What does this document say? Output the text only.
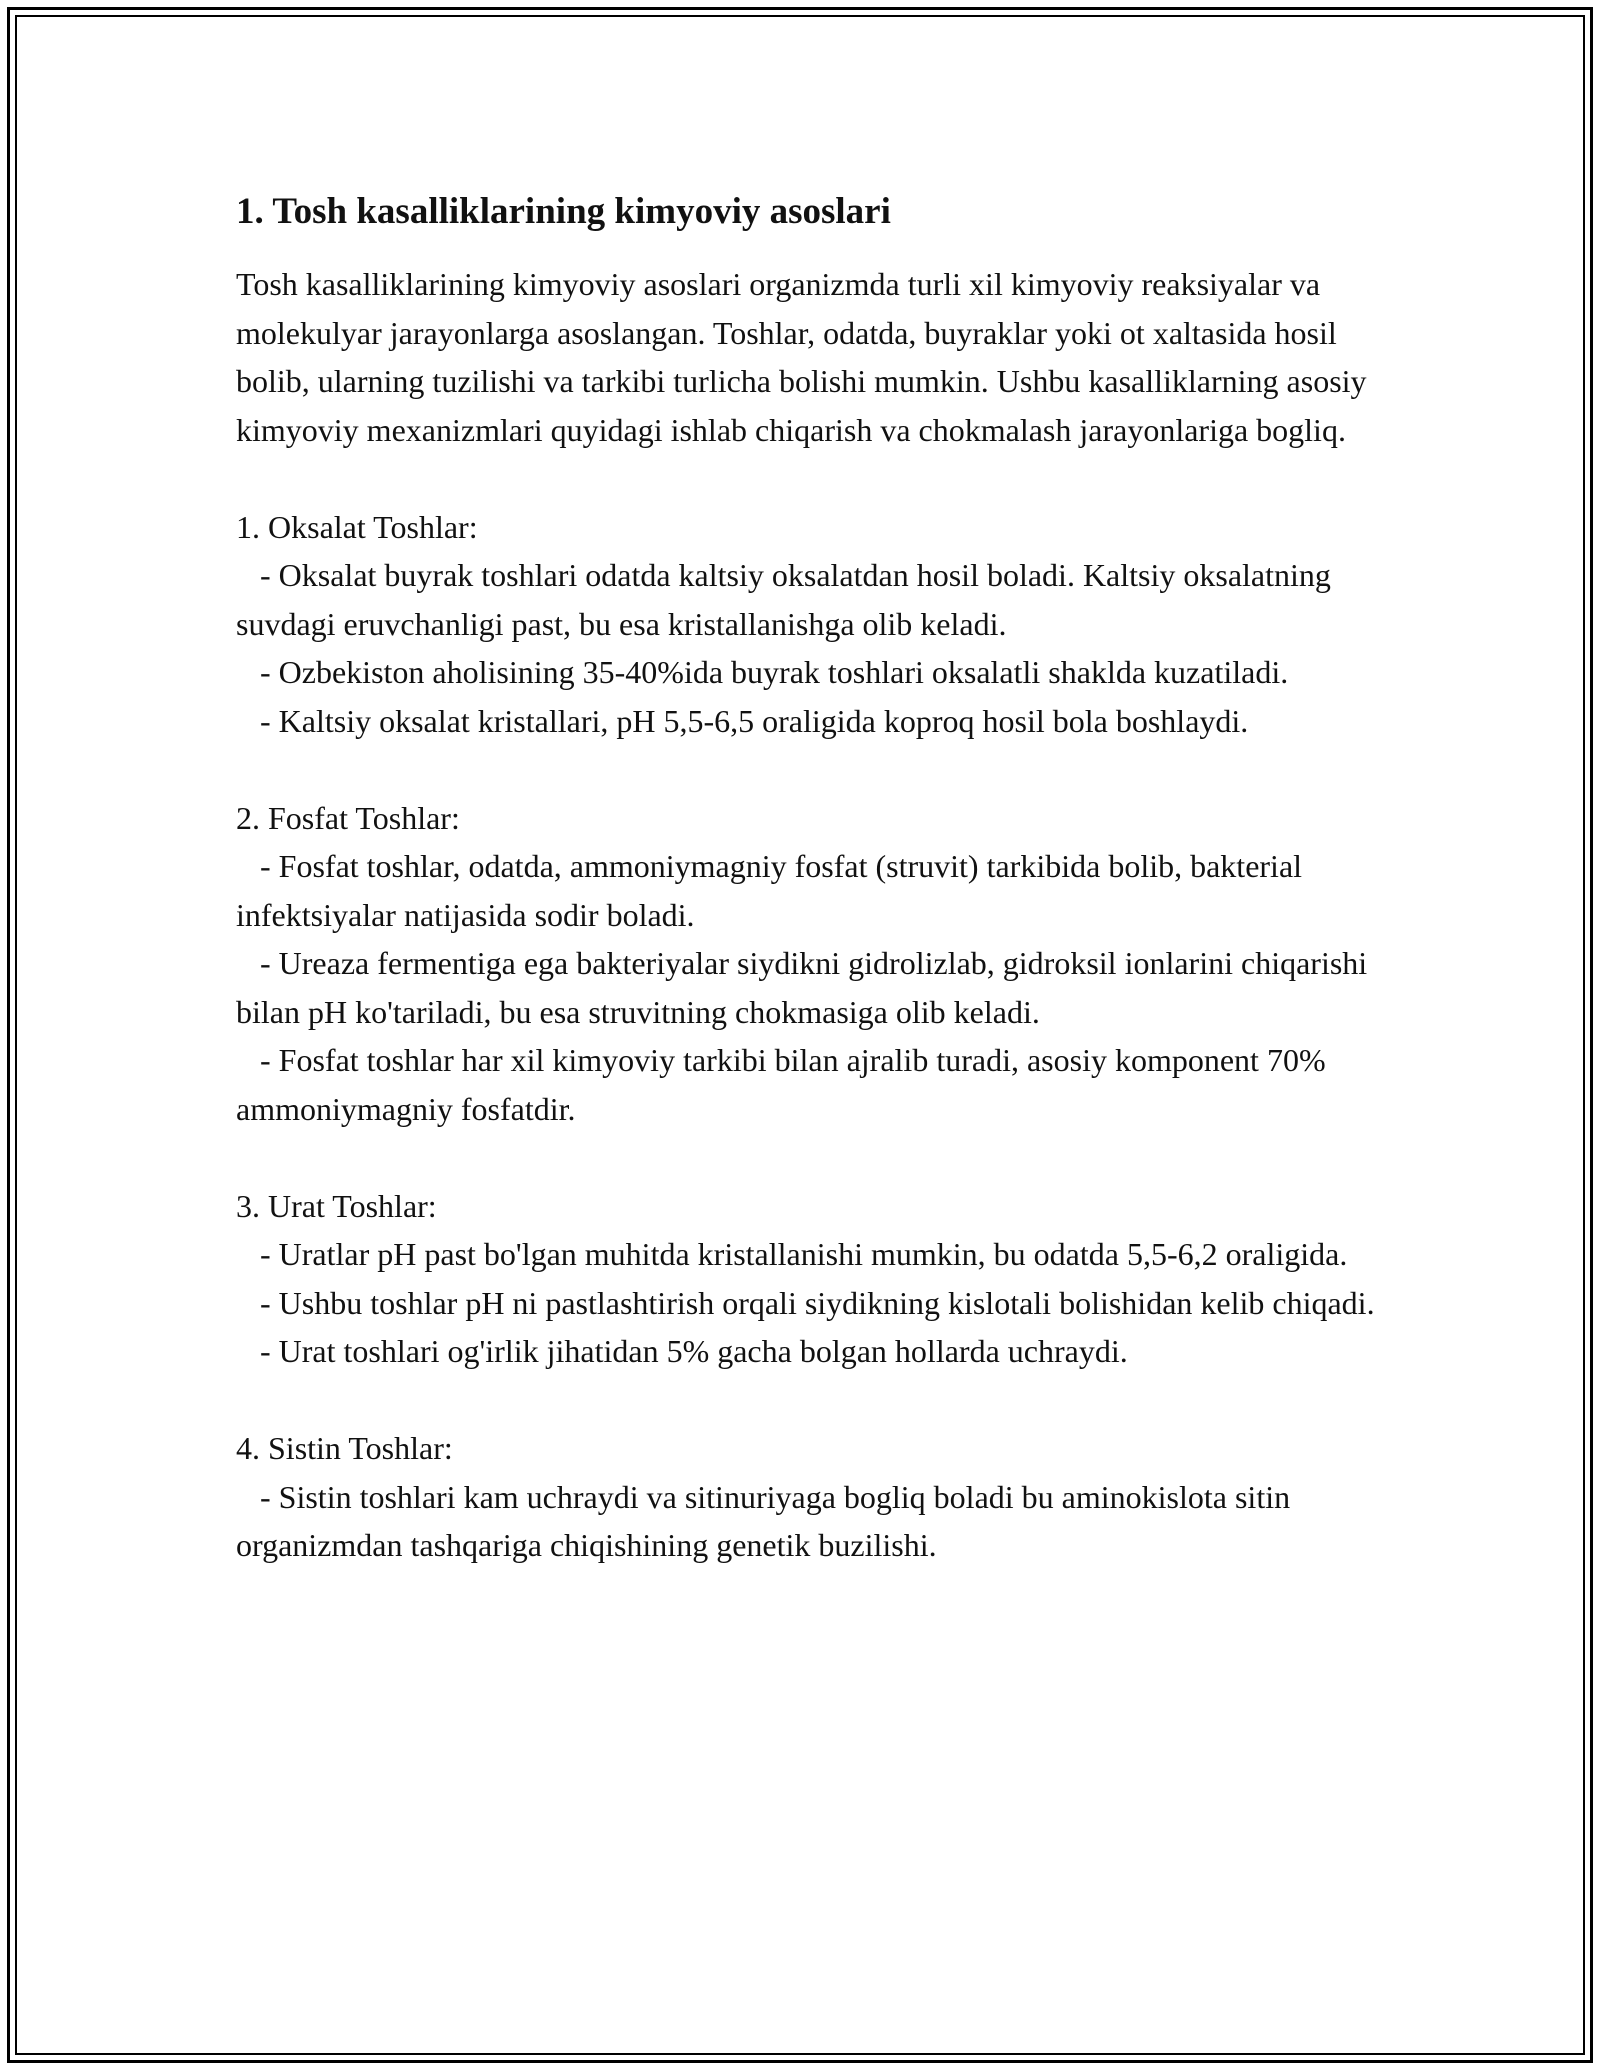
1. Tosh kasalliklarining kimyoviy asoslari

Tosh kasalliklarining kimyoviy asoslari organizmda turli xil kimyoviy reaksiyalar va molekulyar jarayonlarga asoslangan. Toshlar, odatda, buyraklar yoki ot xaltasida hosil bolib, ularning tuzilishi va tarkibi turlicha bolishi mumkin. Ushbu kasalliklarning asosiy kimyoviy mexanizmlari quyidagi ishlab chiqarish va chokmalash jarayonlariga bogliq.

1. Oksalat Toshlar:
- Oksalat buyrak toshlari odatda kaltsiy oksalatdan hosil boladi. Kaltsiy oksalatning suvdagi eruvchanligi past, bu esa kristallanishga olib keladi.
- Ozbekiston aholisining 35-40%ida buyrak toshlari oksalatli shaklda kuzatiladi.
- Kaltsiy oksalat kristallari, pH 5,5-6,5 oraligida koproq hosil bola boshlaydi.
2. Fosfat Toshlar:
- Fosfat toshlar, odatda, ammoniymagniy fosfat (struvit) tarkibida bolib, bakterial infektsiyalar natijasida sodir boladi.
- Ureaza fermentiga ega bakteriyalar siydikni gidrolizlab, gidroksil ionlarini chiqarishi bilan pH ko'tariladi, bu esa struvitning chokmasiga olib keladi.
- Fosfat toshlar har xil kimyoviy tarkibi bilan ajralib turadi, asosiy komponent 70% ammoniymagniy fosfatdir.
3. Urat Toshlar:
- Uratlar pH past bo'lgan muhitda kristallanishi mumkin, bu odatda 5,5-6,2 oraligida.
- Ushbu toshlar pH ni pastlashtirish orqali siydikning kislotali bolishidan kelib chiqadi.
- Urat toshlari og'irlik jihatidan 5% gacha bolgan hollarda uchraydi.
4. Sistin Toshlar:
- Sistin toshlari kam uchraydi va sitinuriyaga bogliq boladi bu aminokislota sitin organizmdan tashqariga chiqishining genetik buzilishi.
